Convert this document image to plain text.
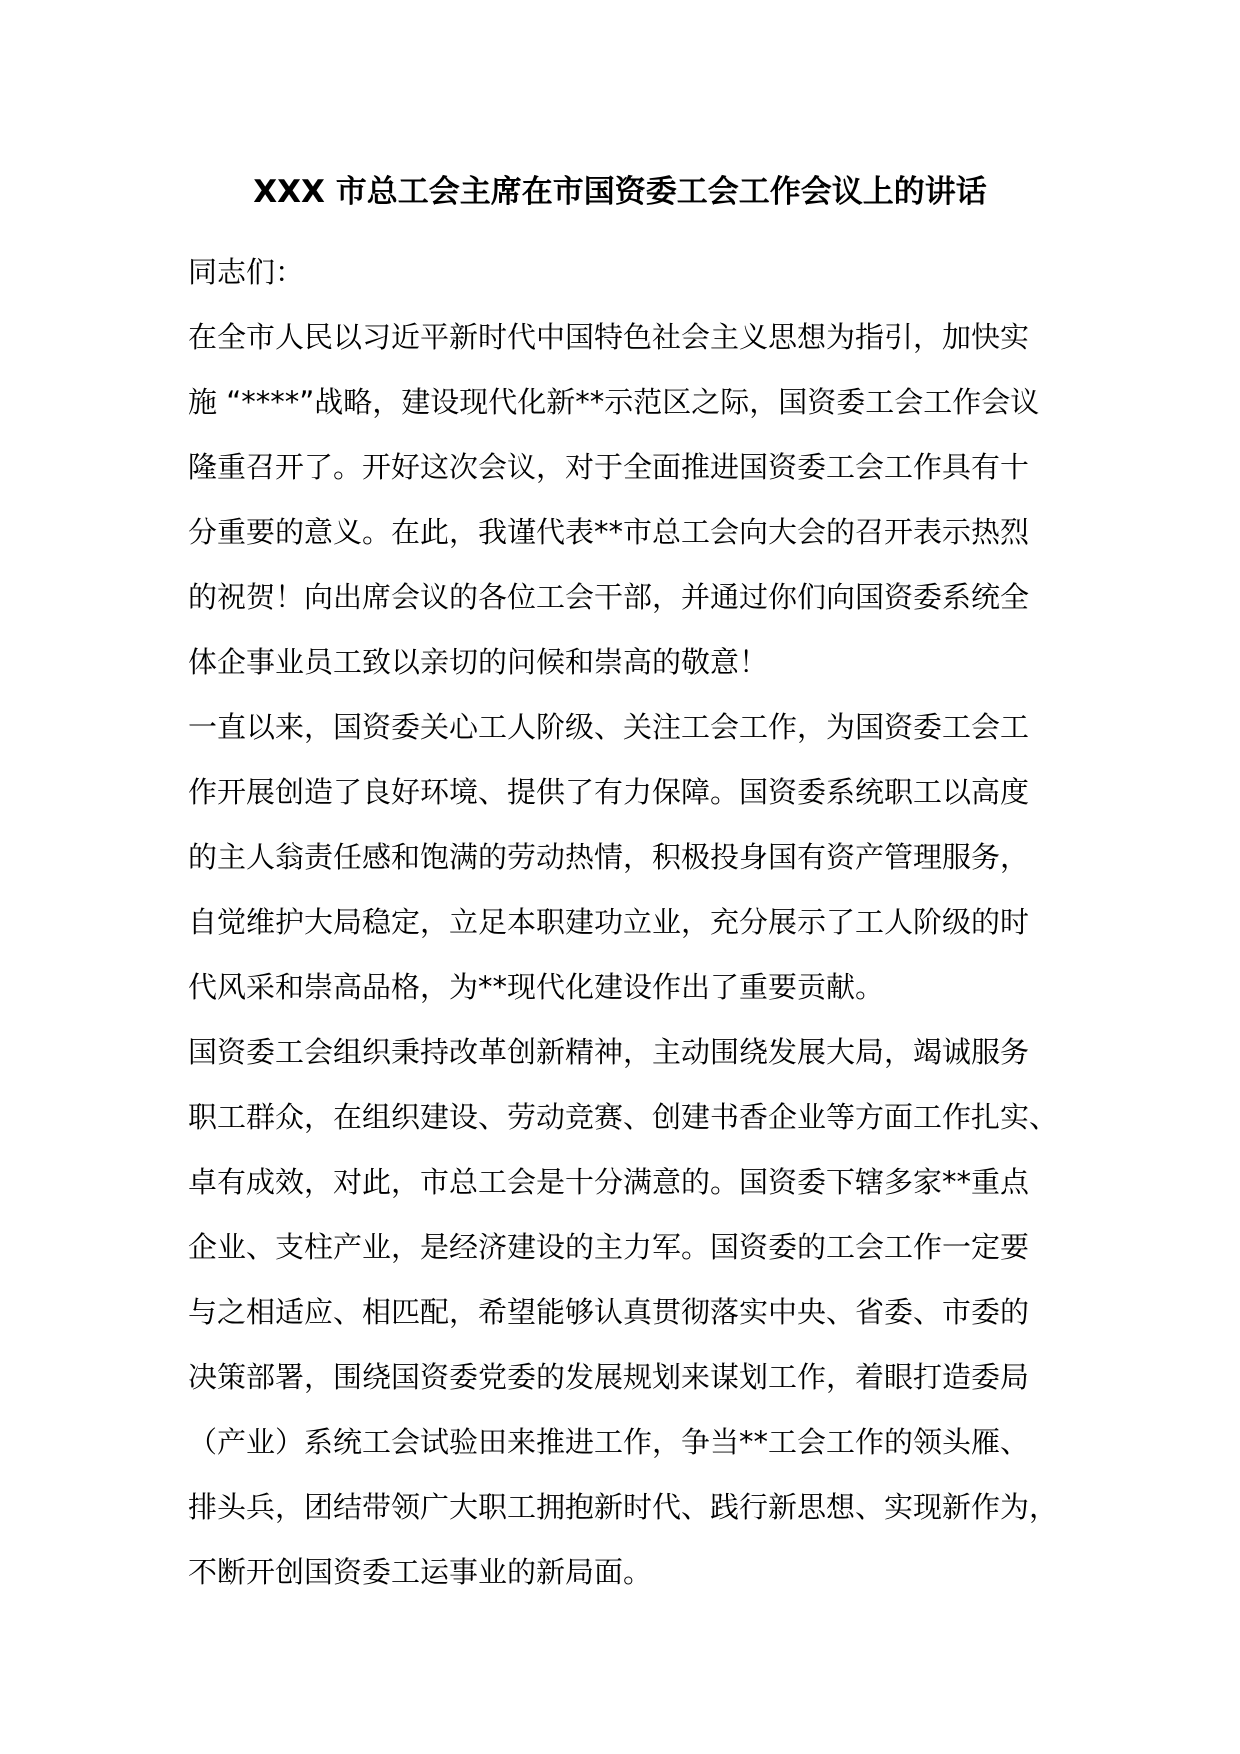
XXX 市总工会主席在市国资委工会工作会议上的讲话
同志们：
在全市人民以习近平新时代中国特色社会主义思想为指引，加快实
施 “****”战略，建设现代化新**示范区之际，国资委工会工作会议
隆重召开了。开好这次会议，对于全面推进国资委工会工作具有十
分重要的意义。在此，我谨代表**市总工会向大会的召开表示热烈
的祝贺！向出席会议的各位工会干部，并通过你们向国资委系统全
体企事业员工致以亲切的问候和崇高的敬意！
一直以来，国资委关心工人阶级、关注工会工作，为国资委工会工
作开展创造了良好环境、提供了有力保障。国资委系统职工以高度
的主人翁责任感和饱满的劳动热情，积极投身国有资产管理服务，
自觉维护大局稳定，立足本职建功立业，充分展示了工人阶级的时
代风采和崇高品格，为**现代化建设作出了重要贡献。
国资委工会组织秉持改革创新精神，主动围绕发展大局，竭诚服务
职工群众，在组织建设、劳动竞赛、创建书香企业等方面工作扎实、
卓有成效，对此，市总工会是十分满意的。国资委下辖多家**重点
企业、支柱产业，是经济建设的主力军。国资委的工会工作一定要
与之相适应、相匹配，希望能够认真贯彻落实中央、省委、市委的
决策部署，围绕国资委党委的发展规划来谋划工作，着眼打造委局
（产业）系统工会试验田来推进工作，争当**工会工作的领头雁、
排头兵，团结带领广大职工拥抱新时代、践行新思想、实现新作为，
不断开创国资委工运事业的新局面。
